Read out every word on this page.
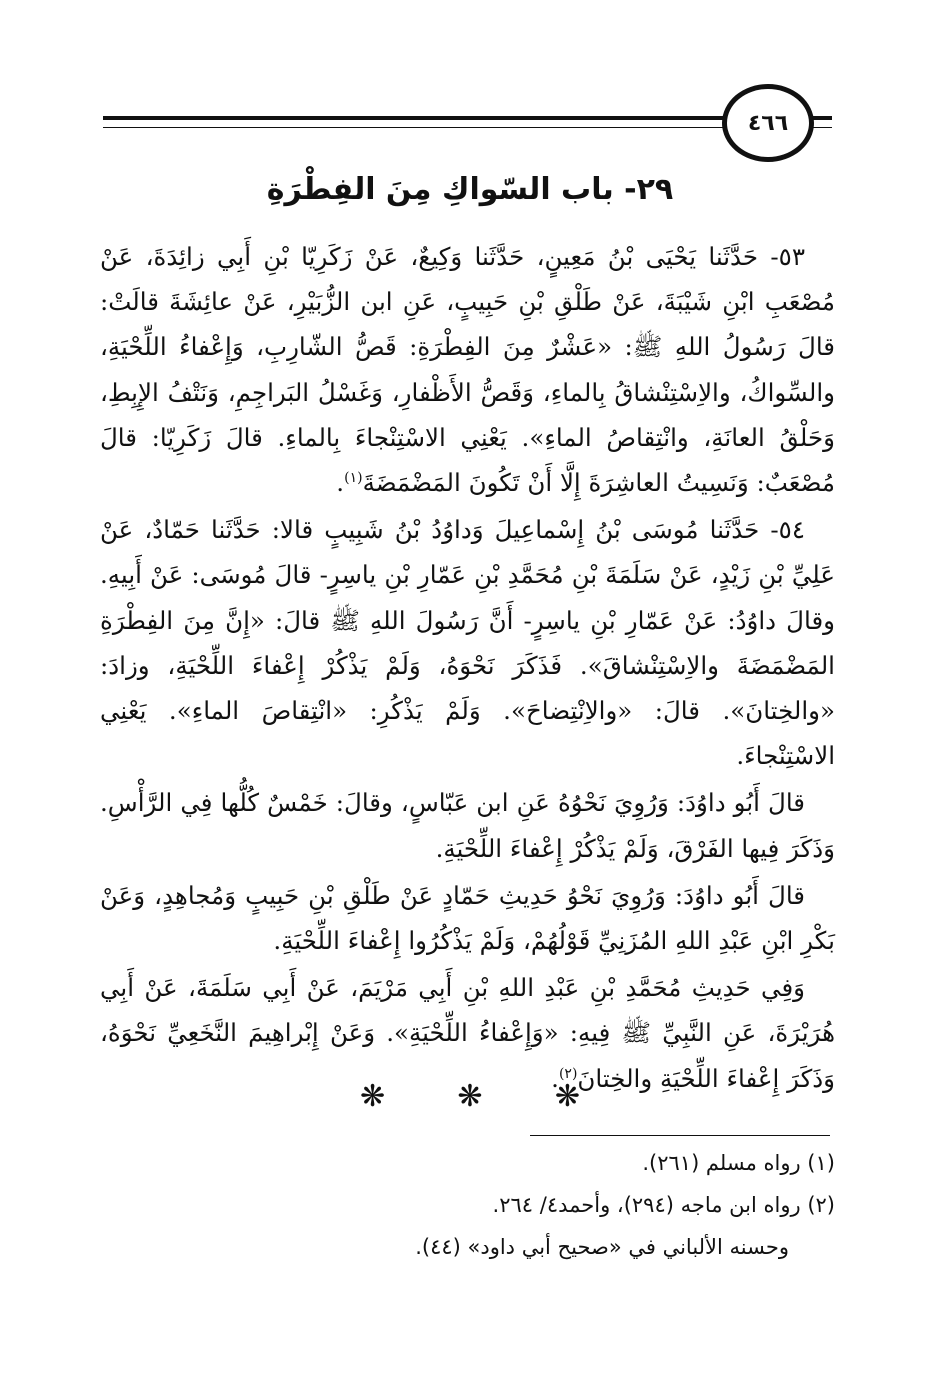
٤٦٦
٢٩- باب السّواكِ مِنَ الفِطْرَةِ

٥٣- حَدَّثَنا يَحْيَى بْنُ مَعِينٍ، حَدَّثَنا وَكِيعٌ، عَنْ زَكَرِيّا بْنِ أَبِي زائِدَةَ، عَنْ مُصْعَبِ ابْنِ شَيْبَةَ، عَنْ طَلْقِ بْنِ حَبِيبٍ، عَنِ ابن الزُّبَيْرِ، عَنْ عائِشَةَ قالَتْ: قالَ رَسُولُ اللهِ ﷺ: «عَشْرٌ مِنَ الفِطْرَةِ: قَصُّ الشّارِبِ، وَإِعْفاءُ اللِّحْيَةِ، والسِّواكُ، والاِسْتِنْشاقُ بِالماءِ، وَقَصُّ الأَظْفارِ، وَغَسْلُ البَراجِمِ، وَنَتْفُ الإِبِطِ، وَحَلْقُ العانَةِ، وانْتِقاصُ الماءِ». يَعْنِي الاسْتِنْجاءَ بِالماءِ. قالَ زَكَرِيّا: قالَ مُصْعَبٌ: وَنَسِيتُ العاشِرَةَ إِلَّا أَنْ تَكُونَ المَضْمَضَةَ$^{(١)}$.

٥٤- حَدَّثَنا مُوسَى بْنُ إِسْماعِيلَ وَداوُدُ بْنُ شَبِيبٍ قالا: حَدَّثَنا حَمّادٌ، عَنْ عَلِيِّ بْنِ زَيْدٍ، عَنْ سَلَمَةَ بْنِ مُحَمَّدِ بْنِ عَمّارِ بْنِ ياسِرٍ- قالَ مُوسَى: عَنْ أَبِيهِ. وقالَ داوُدُ: عَنْ عَمّارِ بْنِ ياسِرٍ- أَنَّ رَسُولَ اللهِ ﷺ قالَ: «إِنَّ مِنَ الفِطْرَةِ المَضْمَضَةَ والاِسْتِنْشاقَ». فَذَكَرَ نَحْوَهُ، وَلَمْ يَذْكُرْ إِعْفاءَ اللِّحْيَةِ، وزادَ: «والخِتانَ». قالَ: «والاِنْتِضاحَ». وَلَمْ يَذْكُرِ: «انْتِقاصَ الماءِ». يَعْنِي الاسْتِنْجاءَ.

قالَ أَبُو داوُدَ: وَرُوِيَ نَحْوُهُ عَنِ ابن عَبّاسٍ، وقالَ: خَمْسٌ كُلُّها فِي الرَّأْسِ. وَذَكَرَ فِيها الفَرْقَ، وَلَمْ يَذْكُرْ إِعْفاءَ اللِّحْيَةِ.

قالَ أَبُو داوُدَ: وَرُوِيَ نَحْوُ حَدِيثِ حَمّادٍ عَنْ طَلْقِ بْنِ حَبِيبٍ وَمُجاهِدٍ، وَعَنْ بَكْرِ ابْنِ عَبْدِ اللهِ المُزَنِيِّ قَوْلُهُمْ، وَلَمْ يَذْكُرُوا إِعْفاءَ اللِّحْيَةِ.

وَفِي حَدِيثِ مُحَمَّدِ بْنِ عَبْدِ اللهِ بْنِ أَبِي مَرْيَمَ، عَنْ أَبِي سَلَمَةَ، عَنْ أَبِي هُرَيْرَةَ، عَنِ النَّبِيِّ ﷺ فِيهِ: «وَإِعْفاءُ اللِّحْيَةِ». وَعَنْ إِبْراهِيمَ النَّخَعِيِّ نَحْوَهُ، وَذَكَرَ إِعْفاءَ اللِّحْيَةِ والخِتانَ$^{(٢)}$.

❋ ❋ ❋
(١) رواه مسلم (٢٦١).
(٢) رواه ابن ماجه (٢٩٤)، وأحمد٤/ ٢٦٤.
وحسنه الألباني في «صحيح أبي داود» (٤٤).
